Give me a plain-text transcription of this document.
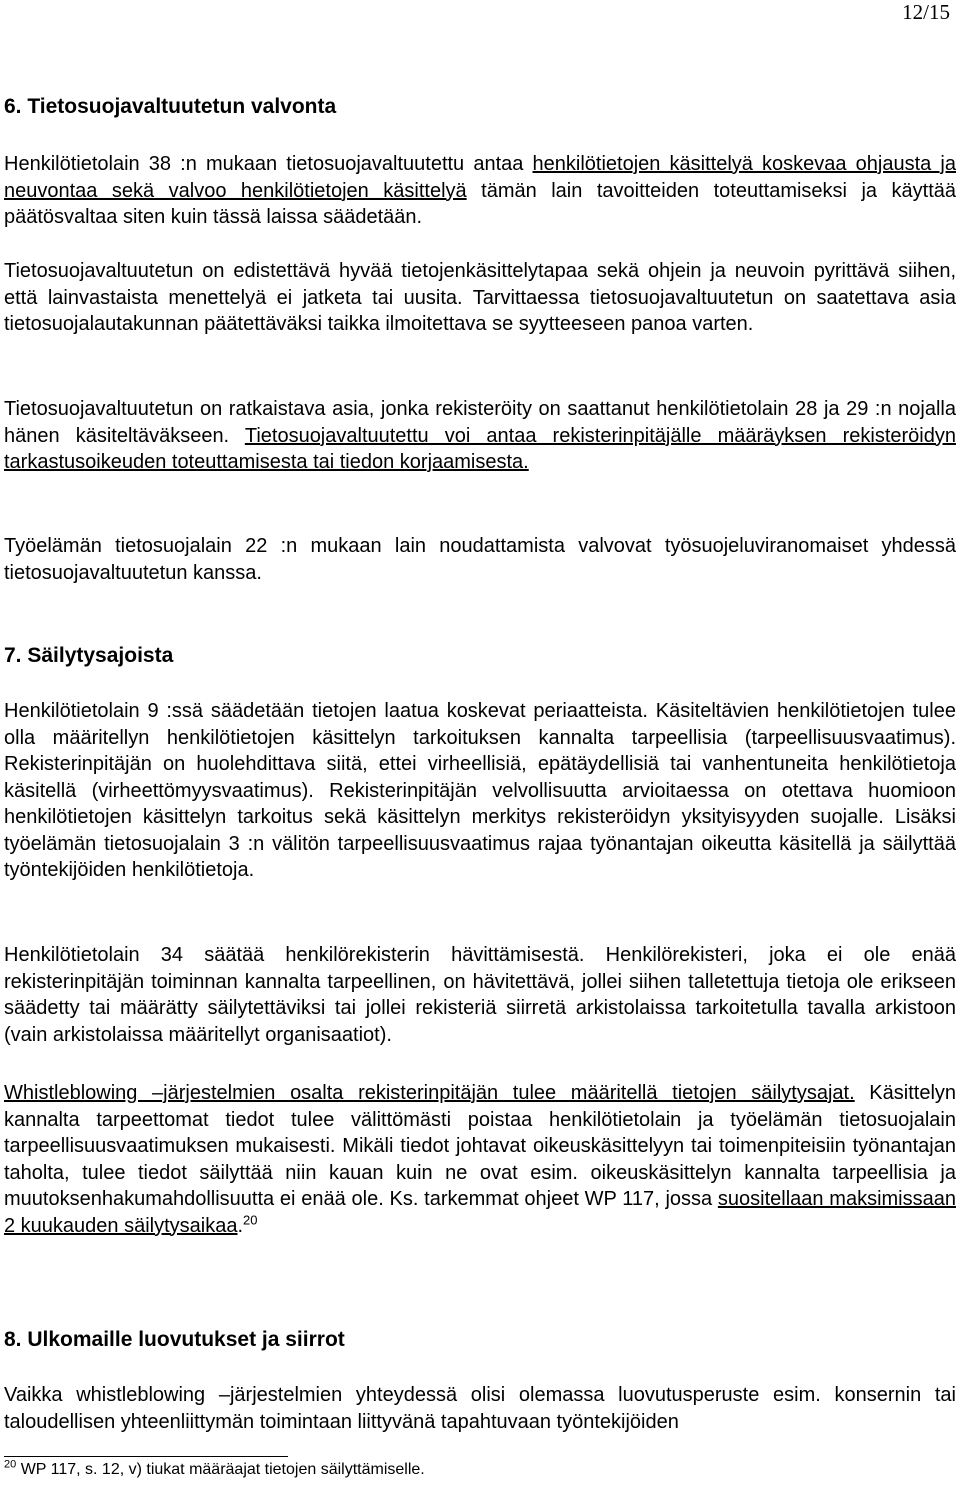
12/15
6. Tietosuojavaltuutetun valvonta

Henkilötietolain 38 :n mukaan tietosuojavaltuutettu antaa henkilötietojen käsittelyä koskevaa ohjausta ja neuvontaa sekä valvoo henkilötietojen käsittelyä tämän lain tavoitteiden toteuttamiseksi ja käyttää päätösvaltaa siten kuin tässä laissa säädetään.

Tietosuojavaltuutetun on edistettävä hyvää tietojenkäsittelytapaa sekä ohjein ja neuvoin pyrittävä siihen, että lainvastaista menettelyä ei jatketa tai uusita. Tarvittaessa tietosuojavaltuutetun on saatettava asia tietosuojalautakunnan päätettäväksi taikka ilmoitettava se syytteeseen panoa varten.

Tietosuojavaltuutetun on ratkaistava asia, jonka rekisteröity on saattanut henkilötietolain 28 ja 29 :n nojalla hänen käsiteltäväkseen. Tietosuojavaltuutettu voi antaa rekisterinpitäjälle määräyksen rekisteröidyn tarkastusoikeuden toteuttamisesta tai tiedon korjaamisesta.

Työelämän tietosuojalain 22 :n mukaan lain noudattamista valvovat työsuojeluviranomaiset yhdessä tietosuojavaltuutetun kanssa.

7. Säilytysajoista

Henkilötietolain 9 :ssä säädetään tietojen laatua koskevat periaatteista. Käsiteltävien henkilötietojen tulee olla määritellyn henkilötietojen käsittelyn tarkoituksen kannalta tarpeellisia (tarpeellisuusvaatimus). Rekisterinpitäjän on huolehdittava siitä, ettei virheellisiä, epätäydellisiä tai vanhentuneita henkilötietoja käsitellä (virheettömyysvaatimus). Rekisterinpitäjän velvollisuutta arvioitaessa on otettava huomioon henkilötietojen käsittelyn tarkoitus sekä käsittelyn merkitys rekisteröidyn yksityisyyden suojalle. Lisäksi työelämän tietosuojalain 3 :n välitön tarpeellisuusvaatimus rajaa työnantajan oikeutta käsitellä ja säilyttää työntekijöiden henkilötietoja.

Henkilötietolain 34 säätää henkilörekisterin hävittämisestä. Henkilörekisteri, joka ei ole enää rekisterinpitäjän toiminnan kannalta tarpeellinen, on hävitettävä, jollei siihen talletettuja tietoja ole erikseen säädetty tai määrätty säilytettäviksi tai jollei rekisteriä siirretä arkistolaissa tarkoitetulla tavalla arkistoon (vain arkistolaissa määritellyt organisaatiot).

Whistleblowing –järjestelmien osalta rekisterinpitäjän tulee määritellä tietojen säilytysajat. Käsittelyn kannalta tarpeettomat tiedot tulee välittömästi poistaa henkilötietolain ja työelämän tietosuojalain tarpeellisuusvaatimuksen mukaisesti. Mikäli tiedot johtavat oikeuskäsittelyyn tai toimenpiteisiin työnantajan taholta, tulee tiedot säilyttää niin kauan kuin ne ovat esim. oikeuskäsittelyn kannalta tarpeellisia ja muutoksenhakumahdollisuutta ei enää ole. Ks. tarkemmat ohjeet WP 117, jossa suositellaan maksimissaan 2 kuukauden säilytysaikaa.$^{20}$

8. Ulkomaille luovutukset ja siirrot

Vaikka whistleblowing –järjestelmien yhteydessä olisi olemassa luovutusperuste esim. konsernin tai taloudellisen yhteenliittymän toimintaan liittyvänä tapahtuvaan työntekijöiden

$^{20}$ WP 117, s. 12, v) tiukat määräajat tietojen säilyttämiselle.
